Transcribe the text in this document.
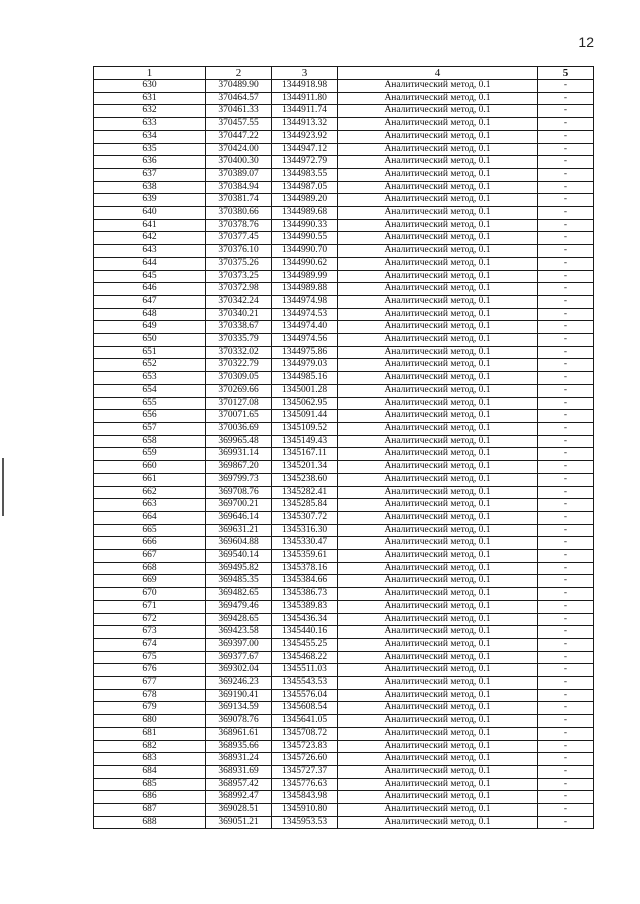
12
1	2	3	4	5
630	370489.90	1344918.98	Аналитический метод, 0.1	-
631	370464.57	1344911.80	Аналитический метод, 0.1	-
632	370461.33	1344911.74	Аналитический метод, 0.1	-
633	370457.55	1344913.32	Аналитический метод, 0.1	-
634	370447.22	1344923.92	Аналитический метод, 0.1	-
635	370424.00	1344947.12	Аналитический метод, 0.1	-
636	370400.30	1344972.79	Аналитический метод, 0.1	-
637	370389.07	1344983.55	Аналитический метод, 0.1	-
638	370384.94	1344987.05	Аналитический метод, 0.1	-
639	370381.74	1344989.20	Аналитический метод, 0.1	-
640	370380.66	1344989.68	Аналитический метод, 0.1	-
641	370378.76	1344990.33	Аналитический метод, 0.1	-
642	370377.45	1344990.55	Аналитический метод, 0.1	-
643	370376.10	1344990.70	Аналитический метод, 0.1	-
644	370375.26	1344990.62	Аналитический метод, 0.1	-
645	370373.25	1344989.99	Аналитический метод, 0.1	-
646	370372.98	1344989.88	Аналитический метод, 0.1	-
647	370342.24	1344974.98	Аналитический метод, 0.1	-
648	370340.21	1344974.53	Аналитический метод, 0.1	-
649	370338.67	1344974.40	Аналитический метод, 0.1	-
650	370335.79	1344974.56	Аналитический метод, 0.1	-
651	370332.02	1344975.86	Аналитический метод, 0.1	-
652	370322.79	1344979.03	Аналитический метод, 0.1	-
653	370309.05	1344985.16	Аналитический метод, 0.1	-
654	370269.66	1345001.28	Аналитический метод, 0.1	-
655	370127.08	1345062.95	Аналитический метод, 0.1	-
656	370071.65	1345091.44	Аналитический метод, 0.1	-
657	370036.69	1345109.52	Аналитический метод, 0.1	-
658	369965.48	1345149.43	Аналитический метод, 0.1	-
659	369931.14	1345167.11	Аналитический метод, 0.1	-
660	369867.20	1345201.34	Аналитический метод, 0.1	-
661	369799.73	1345238.60	Аналитический метод, 0.1	-
662	369708.76	1345282.41	Аналитический метод, 0.1	-
663	369700.21	1345285.84	Аналитический метод, 0.1	-
664	369646.14	1345307.72	Аналитический метод, 0.1	-
665	369631.21	1345316.30	Аналитический метод, 0.1	-
666	369604.88	1345330.47	Аналитический метод, 0.1	-
667	369540.14	1345359.61	Аналитический метод, 0.1	-
668	369495.82	1345378.16	Аналитический метод, 0.1	-
669	369485.35	1345384.66	Аналитический метод, 0.1	-
670	369482.65	1345386.73	Аналитический метод, 0.1	-
671	369479.46	1345389.83	Аналитический метод, 0.1	-
672	369428.65	1345436.34	Аналитический метод, 0.1	-
673	369423.58	1345440.16	Аналитический метод, 0.1	-
674	369397.00	1345455.25	Аналитический метод, 0.1	-
675	369377.67	1345468.22	Аналитический метод, 0.1	-
676	369302.04	1345511.03	Аналитический метод, 0.1	-
677	369246.23	1345543.53	Аналитический метод, 0.1	-
678	369190.41	1345576.04	Аналитический метод, 0.1	-
679	369134.59	1345608.54	Аналитический метод, 0.1	-
680	369078.76	1345641.05	Аналитический метод, 0.1	-
681	368961.61	1345708.72	Аналитический метод, 0.1	-
682	368935.66	1345723.83	Аналитический метод, 0.1	-
683	368931.24	1345726.60	Аналитический метод, 0.1	-
684	368931.69	1345727.37	Аналитический метод, 0.1	-
685	368957.42	1345776.63	Аналитический метод, 0.1	-
686	368992.47	1345843.98	Аналитический метод, 0.1	-
687	369028.51	1345910.80	Аналитический метод, 0.1	-
688	369051.21	1345953.53	Аналитический метод, 0.1	-
